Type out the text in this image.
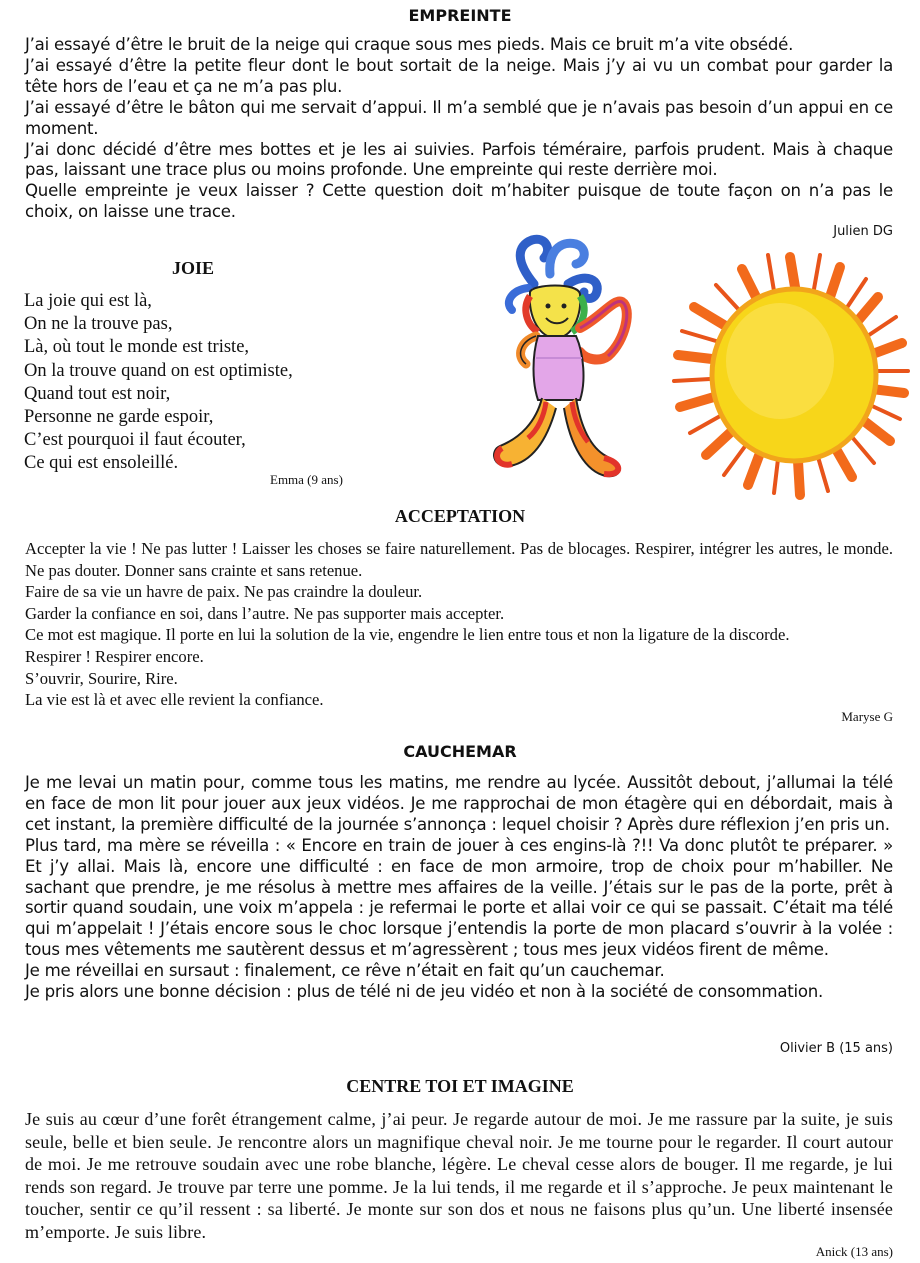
EMPREINTE

J’ai essayé d’être le bruit de la neige qui craque sous mes pieds. Mais ce bruit m’a vite obsédé.

J’ai essayé d’être la petite fleur dont le bout sortait de la neige. Mais j’y ai vu un combat pour garder la tête hors de l’eau et ça ne m’a pas plu.

J’ai essayé d’être le bâton qui me servait d’appui. Il m’a semblé que je n’avais pas besoin d’un appui en ce moment.

J’ai donc décidé d’être mes bottes et je les ai suivies. Parfois téméraire, parfois prudent. Mais à chaque pas, laissant une trace plus ou moins profonde. Une empreinte qui reste derrière moi.

Quelle empreinte je veux laisser ? Cette question doit m’habiter puisque de toute façon on n’a pas le choix, on laisse une trace.

Julien DG
JOIE

La joie qui est là,

On ne la trouve pas,

Là, où tout le monde est triste,

On la trouve quand on est optimiste,

Quand tout est noir,

Personne ne garde espoir,

C’est pourquoi il faut écouter,

Ce qui est ensoleillé.

Emma (9 ans)
ACCEPTATION

Accepter la vie ! Ne pas lutter ! Laisser les choses se faire naturellement. Pas de blocages. Respirer, intégrer les autres, le monde. Ne pas douter. Donner sans crainte et sans retenue.

Faire de sa vie un havre de paix. Ne pas craindre la douleur.

Garder la confiance en soi, dans l’autre. Ne pas supporter mais accepter.

Ce mot est magique. Il porte en lui la solution de la vie, engendre le lien entre tous et non la ligature de la discorde.

Respirer ! Respirer encore.

S’ouvrir, Sourire, Rire.

La vie est là et avec elle revient la confiance.

Maryse G
CAUCHEMAR

Je me levai un matin pour, comme tous les matins, me rendre au lycée. Aussitôt debout, j’allumai la télé en face de mon lit pour jouer aux jeux vidéos. Je me rapprochai de mon étagère qui en débordait, mais à cet instant, la première difficulté de la journée s’annonça : lequel choisir ? Après dure réflexion j’en pris un.

Plus tard, ma mère se réveilla : « Encore en train de jouer à ces engins-là ?!! Va donc plutôt te préparer. » Et j’y allai. Mais là, encore une difficulté : en face de mon armoire, trop de choix pour m’habiller. Ne sachant que prendre, je me résolus à mettre mes affaires de la veille. J’étais sur le pas de la porte, prêt à sortir quand soudain, une voix m’appela : je refermai le porte et allai voir ce qui se passait. C’était ma télé qui m’appelait ! J’étais encore sous le choc lorsque j’entendis la porte de mon placard s’ouvrir à la volée : tous mes vêtements me sautèrent dessus et m’agressèrent ; tous mes jeux vidéos firent de même.

Je me réveillai en sursaut : finalement, ce rêve n’était en fait qu’un cauchemar.

Je pris alors une bonne décision : plus de télé ni de jeu vidéo et non à la société de consommation.

Olivier B (15 ans)
CENTRE TOI ET IMAGINE

Je suis au cœur d’une forêt étrangement calme, j’ai peur. Je regarde autour de moi. Je me rassure par la suite, je suis seule, belle et bien seule. Je rencontre alors un magnifique cheval noir. Je me tourne pour le regarder. Il court autour de moi. Je me retrouve soudain avec une robe blanche, légère. Le cheval cesse alors de bouger. Il me regarde, je lui rends son regard. Je trouve par terre une pomme. Je la lui tends, il me regarde et il s’approche. Je peux maintenant le toucher, sentir ce qu’il ressent : sa liberté. Je monte sur son dos et nous ne faisons plus qu’un. Une liberté insensée m’emporte. Je suis libre.

Anick (13 ans)
